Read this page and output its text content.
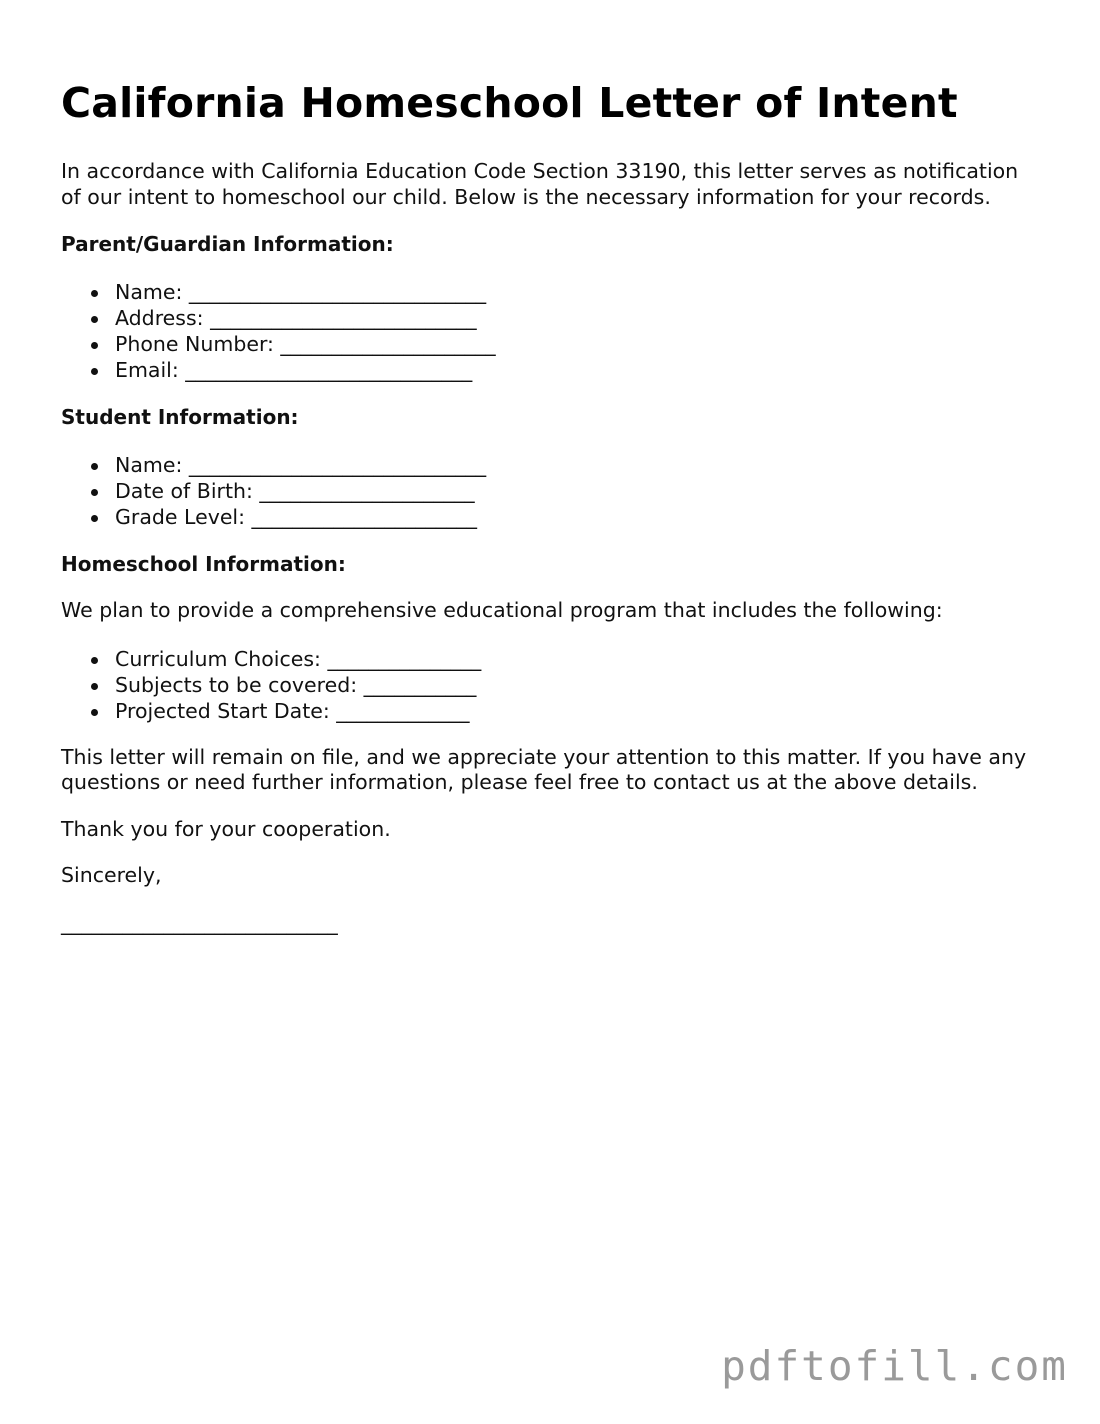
California Homeschool Letter of Intent

In accordance with California Education Code Section 33190, this letter serves as notification of our intent to homeschool our child. Below is the necessary information for your records.

Parent/Guardian Information:

Name: _____________________________
Address: __________________________
Phone Number: _____________________
Email: ____________________________

Student Information:

Name: _____________________________
Date of Birth: _____________________
Grade Level: ______________________

Homeschool Information:

We plan to provide a comprehensive educational program that includes the following:

Curriculum Choices: _______________
Subjects to be covered: ___________
Projected Start Date: _____________

This letter will remain on file, and we appreciate your attention to this matter. If you have any questions or need further information, please feel free to contact us at the above details.

Thank you for your cooperation.

Sincerely,

___________________________
pdftofill.com
